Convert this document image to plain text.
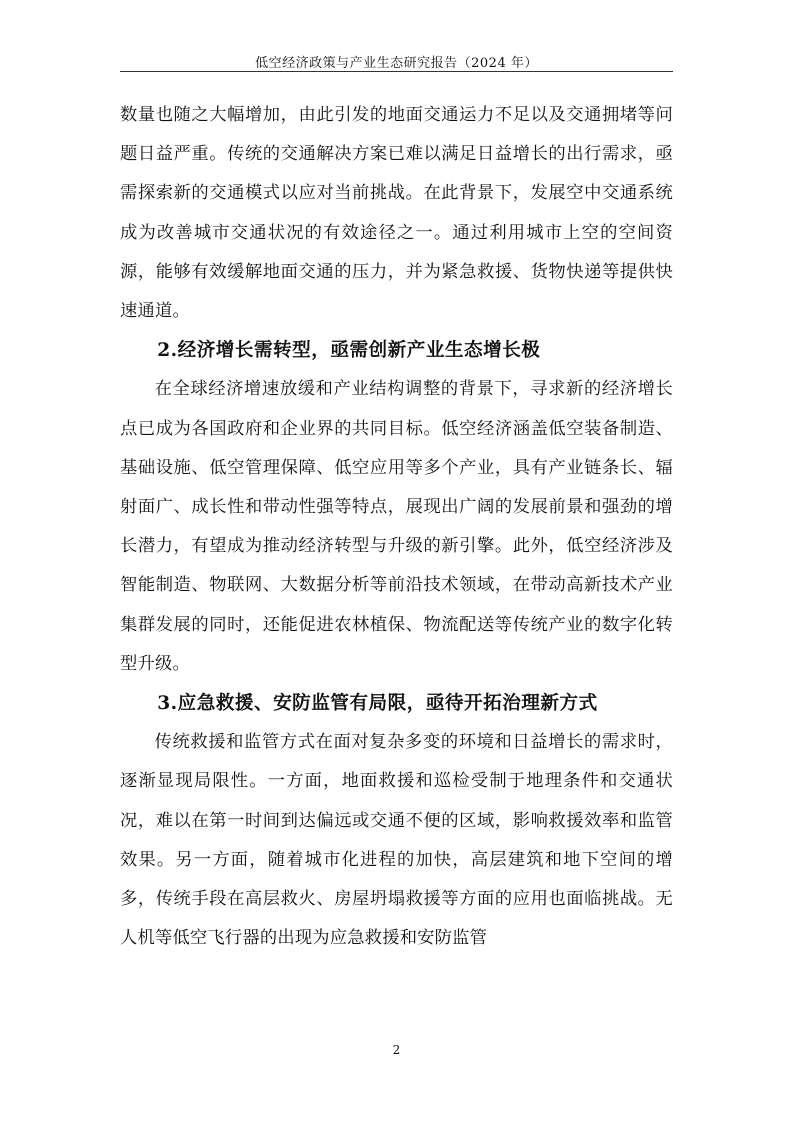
低空经济政策与产业生态研究报告（2024 年）

数量也随之大幅增加，由此引发的地面交通运力不足以及交通拥堵等问题日益严重。传统的交通解决方案已难以满足日益增长的出行需求，亟需探索新的交通模式以应对当前挑战。在此背景下，发展空中交通系统成为改善城市交通状况的有效途径之一。通过利用城市上空的空间资源，能够有效缓解地面交通的压力，并为紧急救援、货物快递等提供快速通道。

2.经济增长需转型，亟需创新产业生态增长极

在全球经济增速放缓和产业结构调整的背景下，寻求新的经济增长点已成为各国政府和企业界的共同目标。低空经济涵盖低空装备制造、基础设施、低空管理保障、低空应用等多个产业，具有产业链条长、辐射面广、成长性和带动性强等特点，展现出广阔的发展前景和强劲的增长潜力，有望成为推动经济转型与升级的新引擎。此外，低空经济涉及智能制造、物联网、大数据分析等前沿技术领域，在带动高新技术产业集群发展的同时，还能促进农林植保、物流配送等传统产业的数字化转型升级。

3.应急救援、安防监管有局限，亟待开拓治理新方式

传统救援和监管方式在面对复杂多变的环境和日益增长的需求时，逐渐显现局限性。一方面，地面救援和巡检受制于地理条件和交通状况，难以在第一时间到达偏远或交通不便的区域，影响救援效率和监管效果。另一方面，随着城市化进程的加快，高层建筑和地下空间的增多，传统手段在高层救火、房屋坍塌救援等方面的应用也面临挑战。无人机等低空飞行器的出现为应急救援和安防监管

2
